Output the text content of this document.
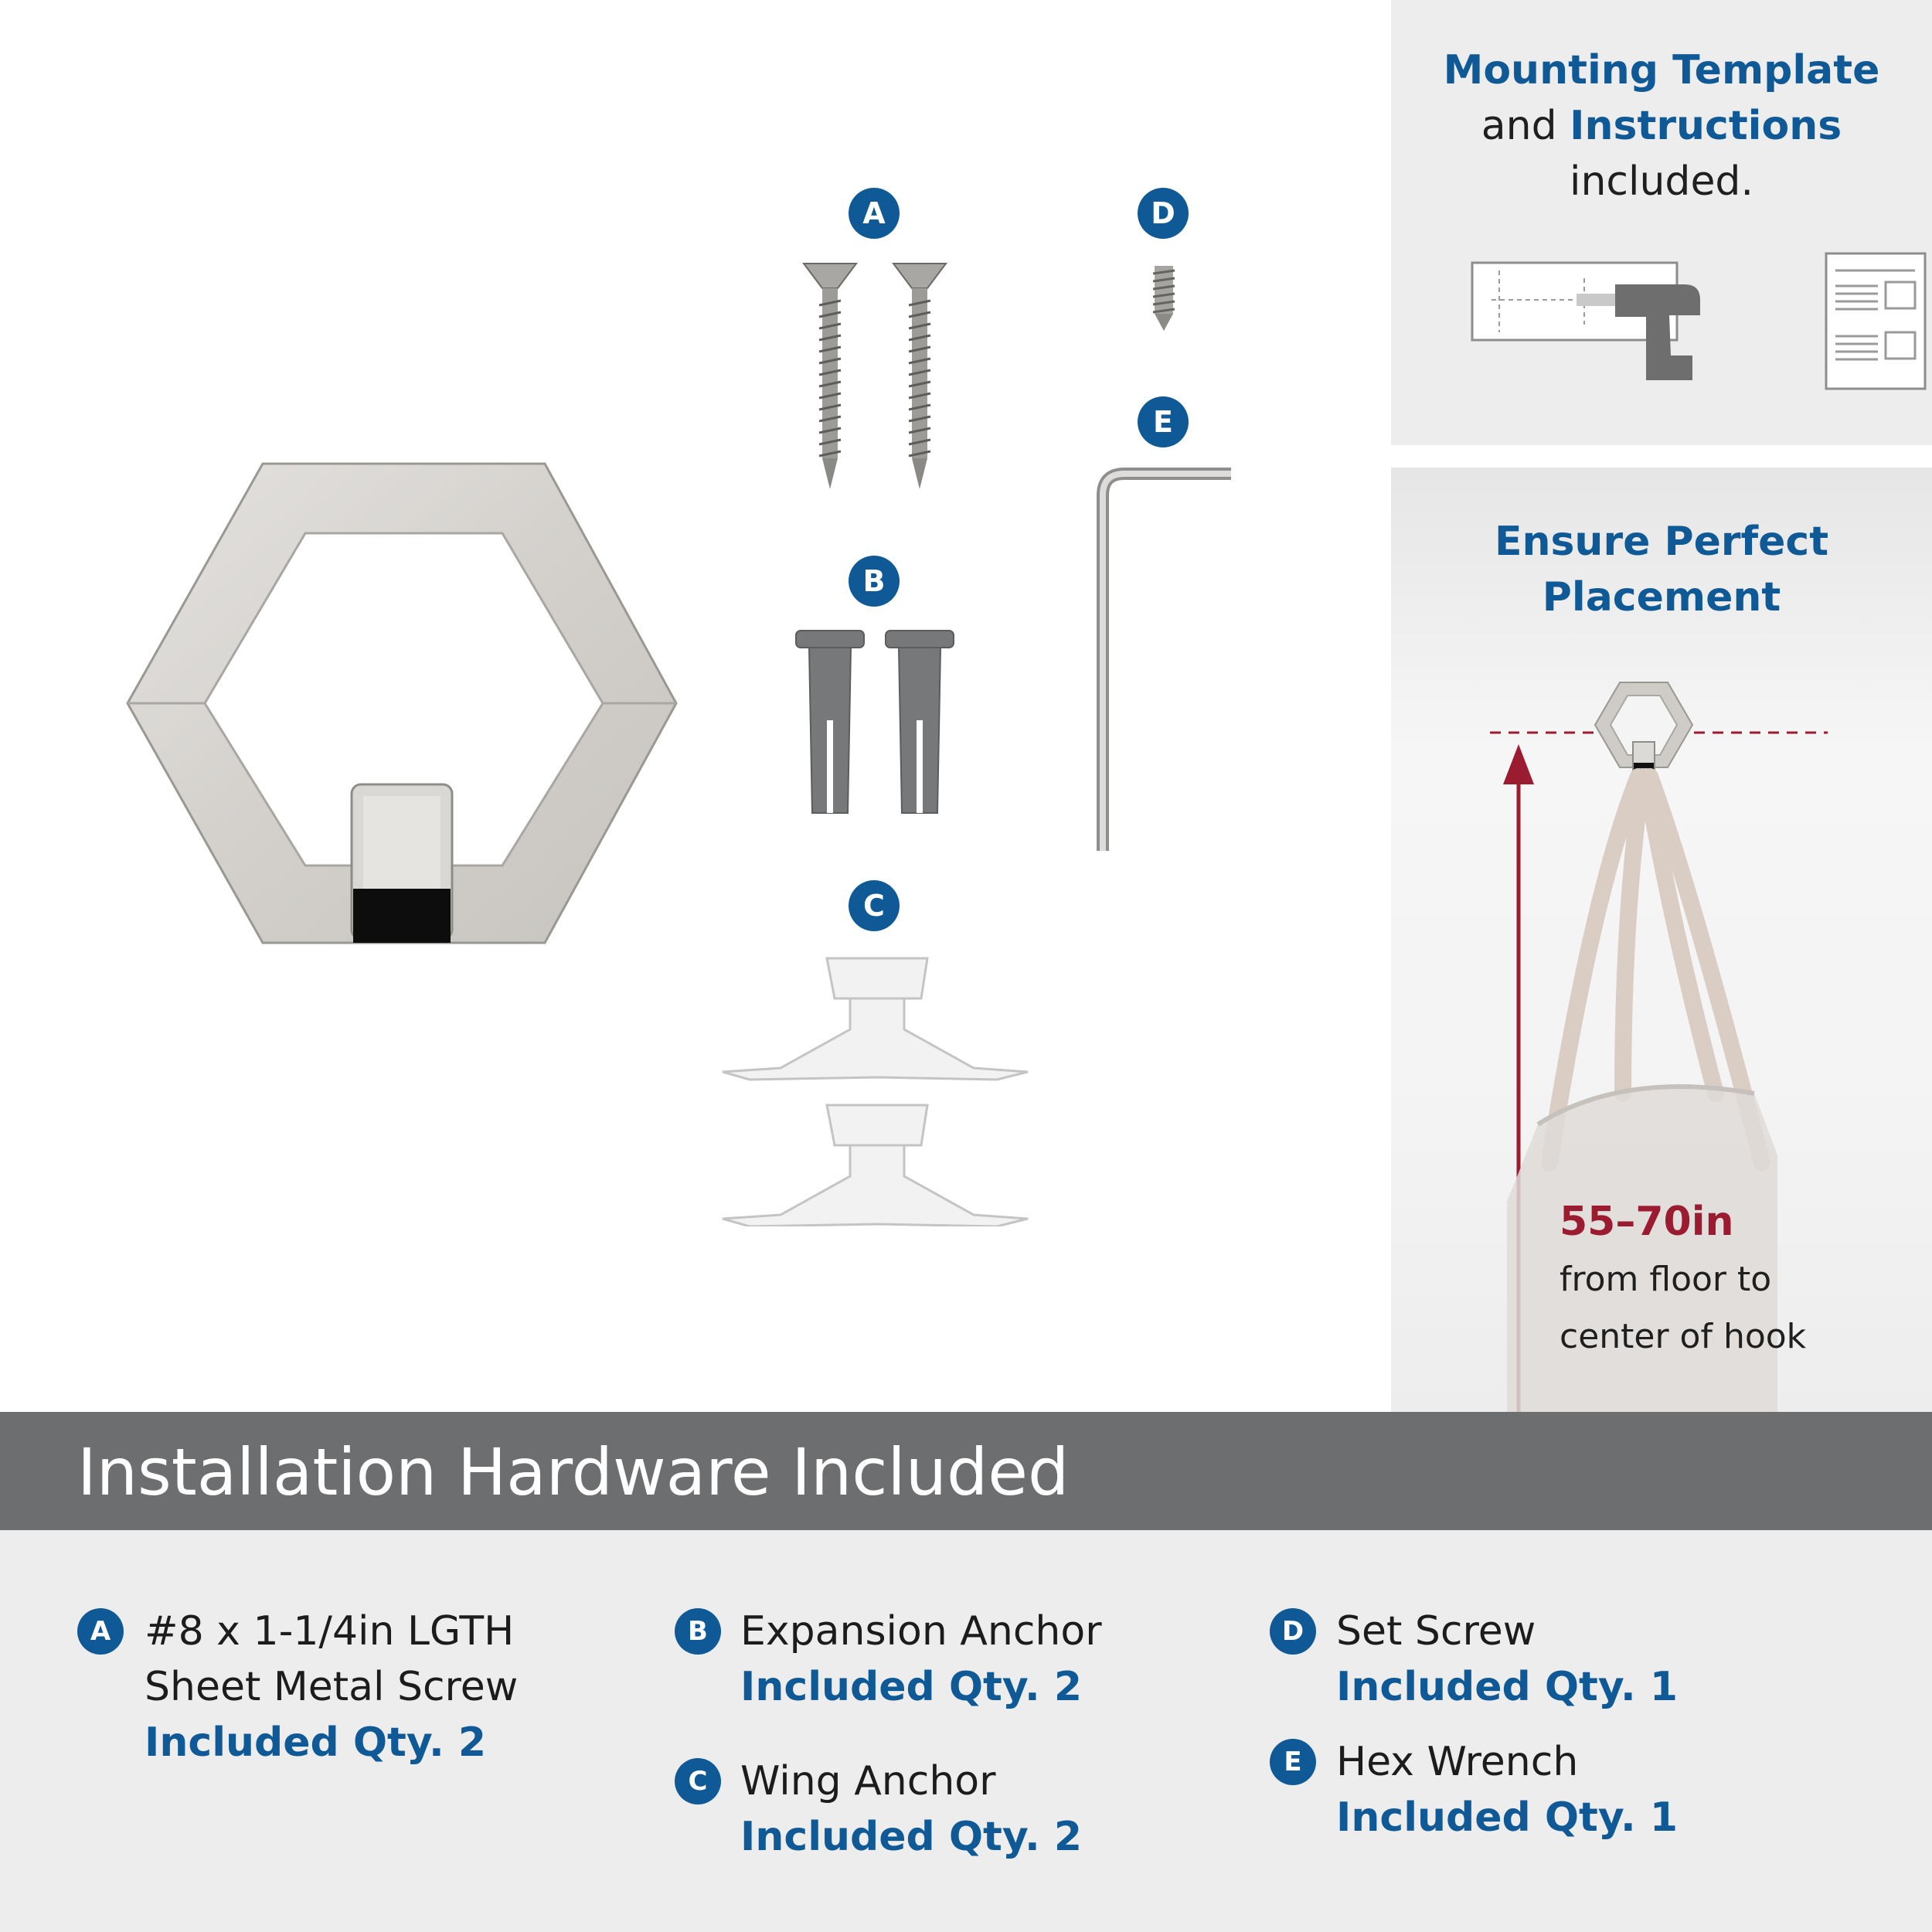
A
B
C
D
E
Mounting Template
and Instructions
included.
Ensure Perfect
Placement
55–70in
from floor to
center of hook
Installation Hardware Included
A #8 x 1-1/4in LGTH
Sheet Metal Screw
Included Qty. 2
B Expansion Anchor
Included Qty. 2
C Wing Anchor
Included Qty. 2
D Set Screw
Included Qty. 1
E Hex Wrench
Included Qty. 1
